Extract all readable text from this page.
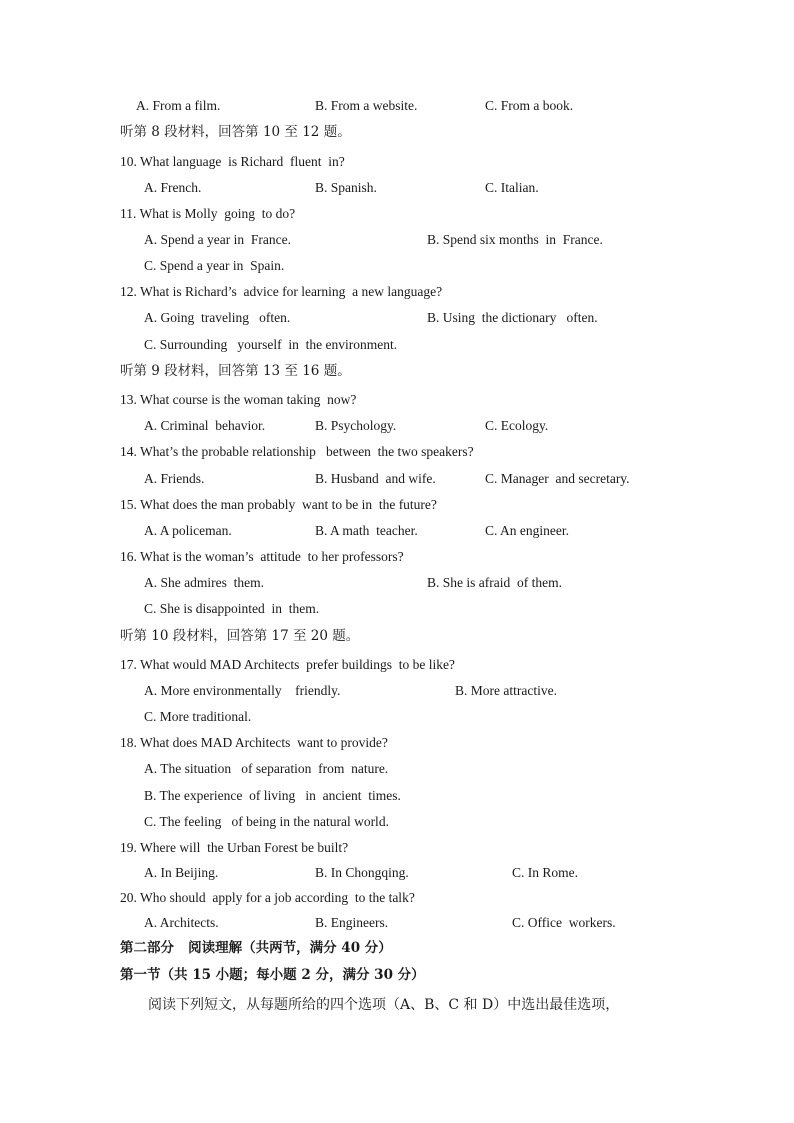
A. From a film.	B. From a website.	C. From a book.
听第 8 段材料，回答第 10 至 12 题。
10. What language  is Richard  fluent  in?
A. French.	B. Spanish.	C. Italian.
11. What is Molly  going  to do?
A. Spend a year in  France.	B. Spend six months  in  France.
C. Spend a year in  Spain.
12. What is Richard’s  advice for learning  a new language?
A. Going  traveling   often.	B. Using  the dictionary   often.
C. Surrounding   yourself  in  the environment.
听第 9 段材料，回答第 13 至 16 题。
13. What course is the woman taking  now?
A. Criminal  behavior.	B. Psychology.	C. Ecology.
14. What’s the probable relationship   between  the two speakers?
A. Friends.	B. Husband  and wife.	C. Manager  and secretary.
15. What does the man probably  want to be in  the future?
A. A policeman.	B. A math  teacher.	C. An engineer.
16. What is the woman’s  attitude  to her professors?
A. She admires  them.	B. She is afraid  of them.
C. She is disappointed  in  them.
听第 10 段材料，回答第 17 至 20 题。
17. What would MAD Architects  prefer buildings  to be like?
A. More environmentally    friendly.	B. More attractive.
C. More traditional.
18. What does MAD Architects  want to provide?
A. The situation   of separation  from  nature.
B. The experience  of living   in  ancient  times.
C. The feeling   of being in the natural world.
19. Where will  the Urban Forest be built?
A. In Beijing.	B. In Chongqing.	C. In Rome.
20. Who should  apply for a job according  to the talk?
A. Architects.	B. Engineers.	C. Office  workers.
第二部分   阅读理解（共两节，满分 40 分）
第一节（共 15 小题；每小题 2 分，满分 30 分）
阅读下列短文，从每题所给的四个选项（A、B、C 和 D）中选出最佳选项，
